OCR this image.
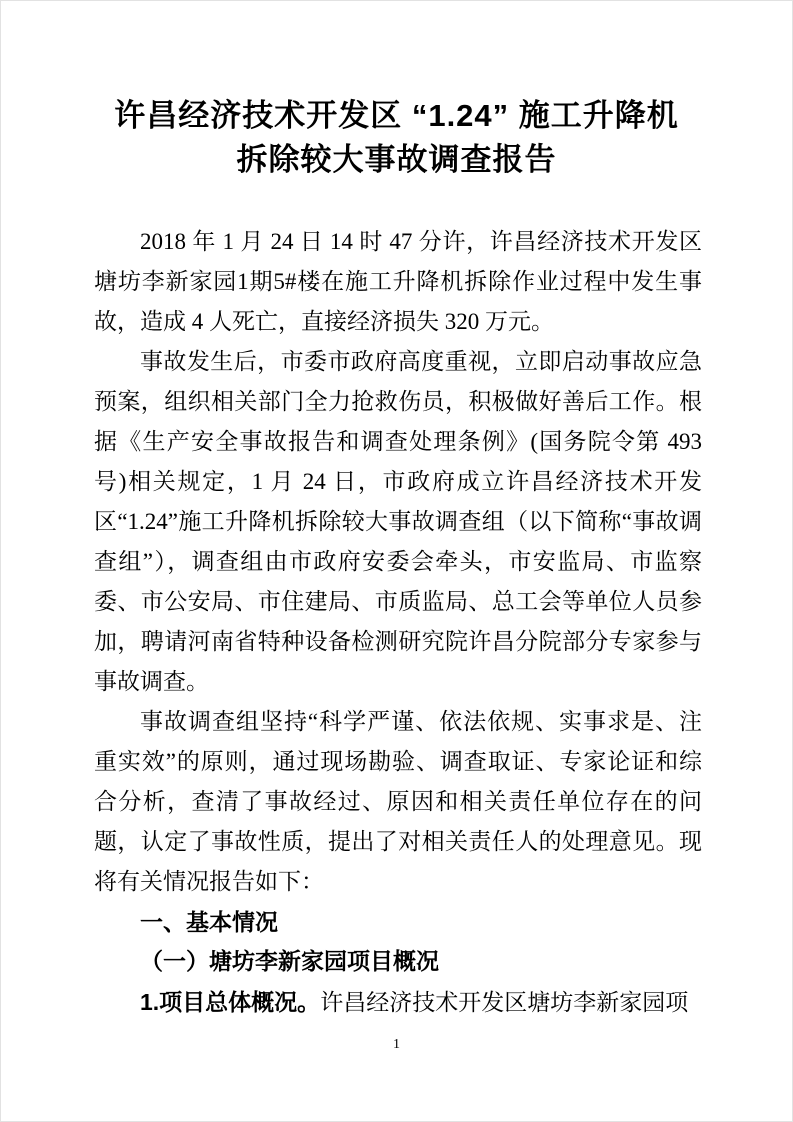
许昌经济技术开发区 “1.24” 施工升降机
拆除较大事故调查报告

2018 年 1 月 24 日 14 时 47 分许，许昌经济技术开发区塘坊李新家园1期5#楼在施工升降机拆除作业过程中发生事故，造成 4 人死亡，直接经济损失 320 万元。

事故发生后，市委市政府高度重视，立即启动事故应急预案，组织相关部门全力抢救伤员，积极做好善后工作。根据《生产安全事故报告和调查处理条例》(国务院令第 493 号)相关规定，1 月 24 日，市政府成立许昌经济技术开发区“1.24”施工升降机拆除较大事故调查组（以下简称“事故调查组”），调查组由市政府安委会牵头，市安监局、市监察委、市公安局、市住建局、市质监局、总工会等单位人员参加，聘请河南省特种设备检测研究院许昌分院部分专家参与事故调查。

事故调查组坚持“科学严谨、依法依规、实事求是、注重实效”的原则，通过现场勘验、调查取证、专家论证和综合分析，查清了事故经过、原因和相关责任单位存在的问题，认定了事故性质，提出了对相关责任人的处理意见。现将有关情况报告如下：

一、基本情况

（一）塘坊李新家园项目概况

1.项目总体概况。许昌经济技术开发区塘坊李新家园项

1
